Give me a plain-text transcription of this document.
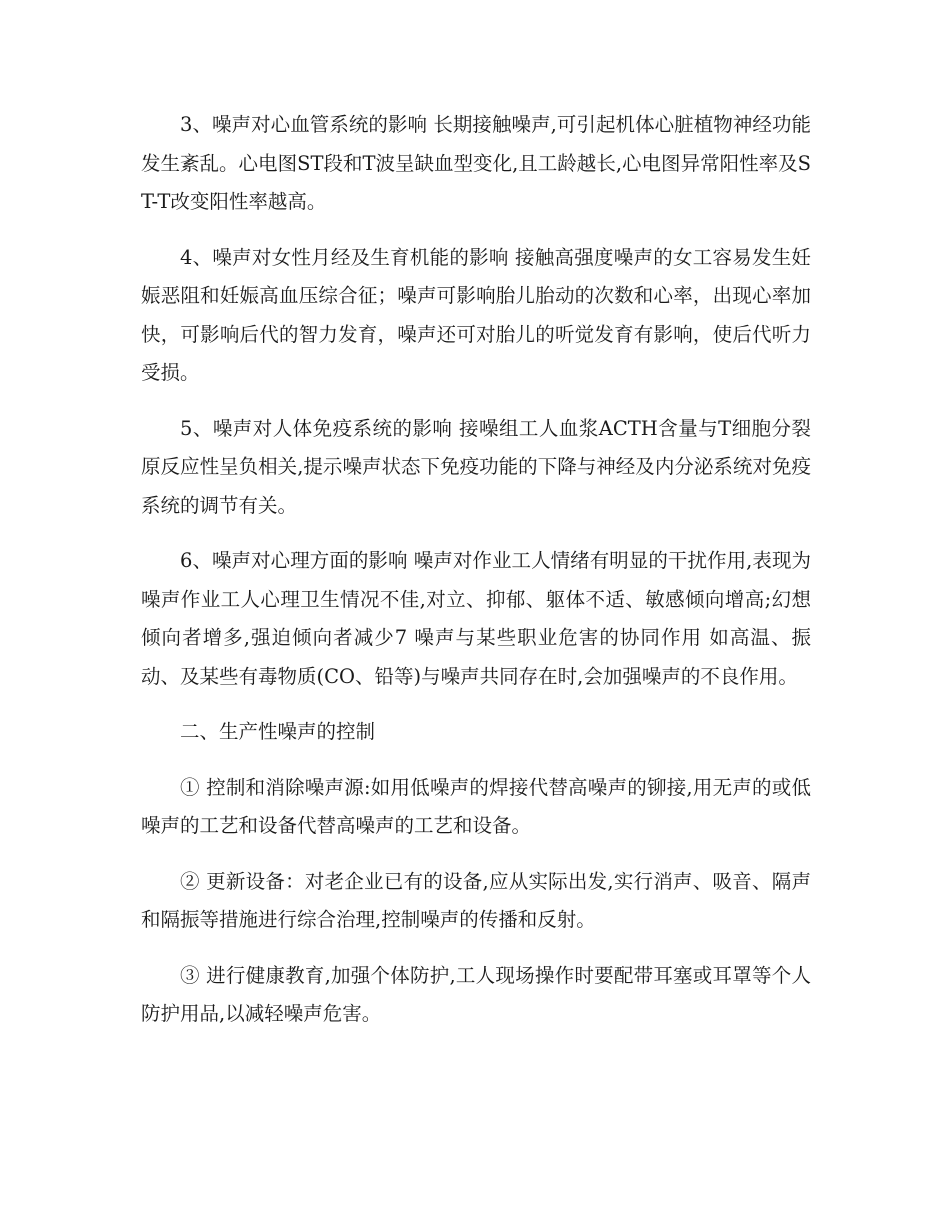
3、噪声对心血管系统的影响 长期接触噪声,可引起机体心脏植物神经功能发生紊乱。心电图ST段和T波呈缺血型变化,且工龄越长,心电图异常阳性率及ST-T改变阳性率越高。

4、噪声对女性月经及生育机能的影响 接触高强度噪声的女工容易发生妊娠恶阻和妊娠高血压综合征；噪声可影响胎儿胎动的次数和心率，出现心率加快，可影响后代的智力发育，噪声还可对胎儿的听觉发育有影响，使后代听力受损。

5、噪声对人体免疫系统的影响 接噪组工人血浆ACTH含量与T细胞分裂原反应性呈负相关,提示噪声状态下免疫功能的下降与神经及内分泌系统对免疫系统的调节有关。

6、噪声对心理方面的影响 噪声对作业工人情绪有明显的干扰作用,表现为噪声作业工人心理卫生情况不佳,对立、抑郁、躯体不适、敏感倾向增高;幻想倾向者增多,强迫倾向者减少7 噪声与某些职业危害的协同作用 如高温、振动、及某些有毒物质(CO、铅等)与噪声共同存在时,会加强噪声的不良作用。

二、生产性噪声的控制

① 控制和消除噪声源:如用低噪声的焊接代替高噪声的铆接,用无声的或低噪声的工艺和设备代替高噪声的工艺和设备。

② 更新设备：对老企业已有的设备,应从实际出发,实行消声、吸音、隔声和隔振等措施进行综合治理,控制噪声的传播和反射。

③ 进行健康教育,加强个体防护,工人现场操作时要配带耳塞或耳罩等个人防护用品,以减轻噪声危害。
